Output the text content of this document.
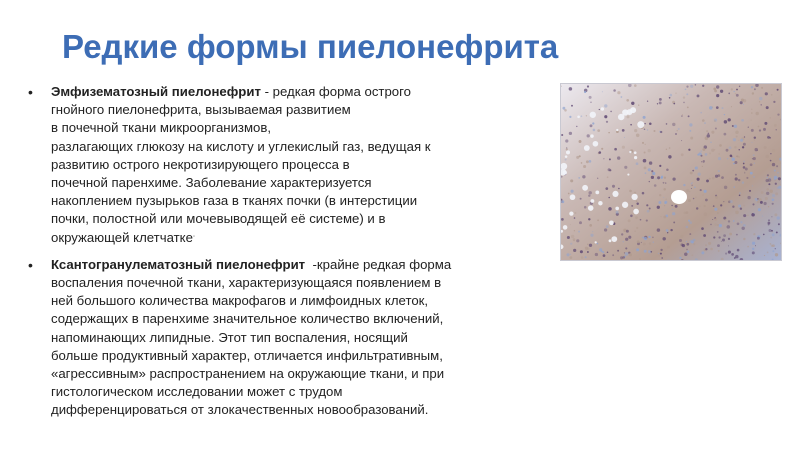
Редкие формы пиелонефрита
• Эмфизематозный пиелонефрит - редкая форма острого
гнойного пиелонефрита, вызываемая развитием
в почечной ткани микроорганизмов,
разлагающих глюкозу на кислоту и углекислый газ, ведущая к
развитию острого некротизирующего процесса в
почечной паренхиме. Заболевание характеризуется
накоплением пузырьков газа в тканях почки (в интерстиции
почки, полостной или мочевыводящей её системе) и в
окружающей клетчатке.
• Ксантогранулематозный пиелонефрит  -крайне редкая форма
воспаления почечной ткани, характеризующаяся появлением в
ней большого количества макрофагов и лимфоидных клеток,
содержащих в паренхиме значительное количество включений,
напоминающих липидные. Этот тип воспаления, носящий
больше продуктивный характер, отличается инфильтративным,
«агрессивным» распространением на окружающие ткани, и при
гистологическом исследовании может с трудом
дифференцироваться от злокачественных новообразований.
